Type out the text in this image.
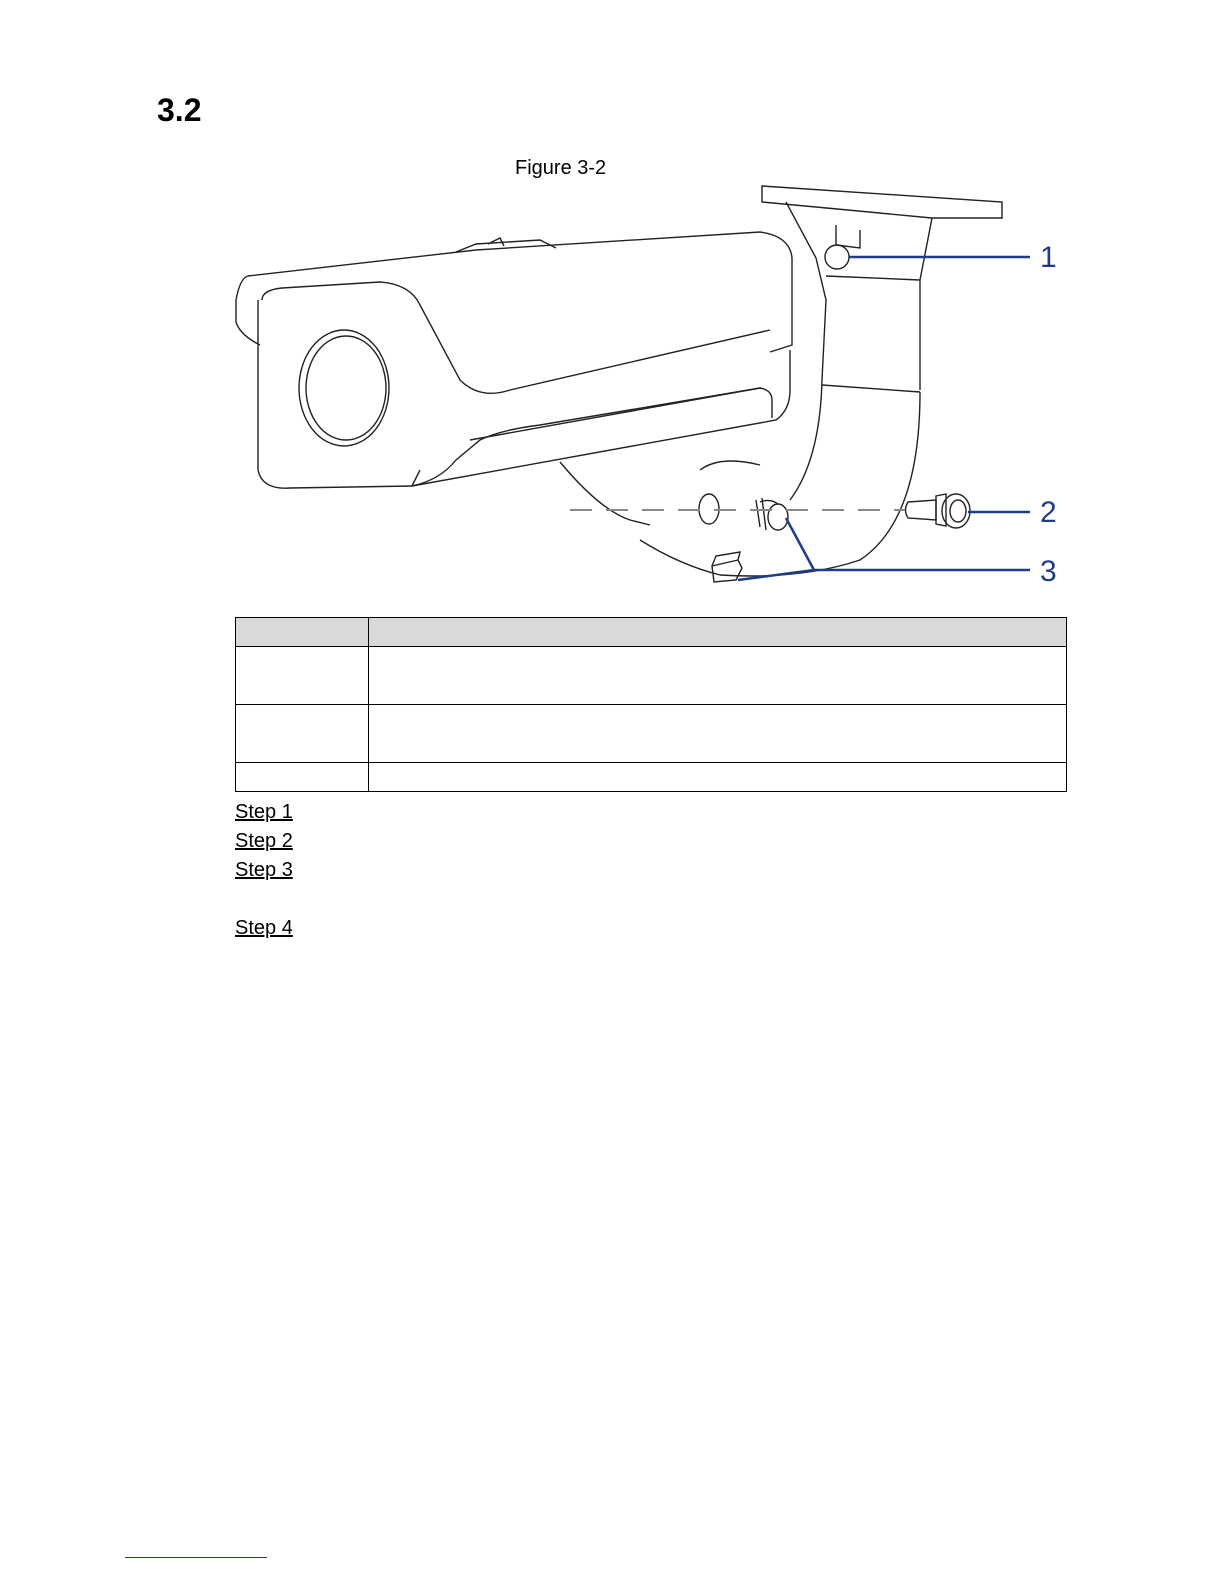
3.2
Figure 3-2
1
2
3

Step 1
Step 2
Step 3
Step 4
